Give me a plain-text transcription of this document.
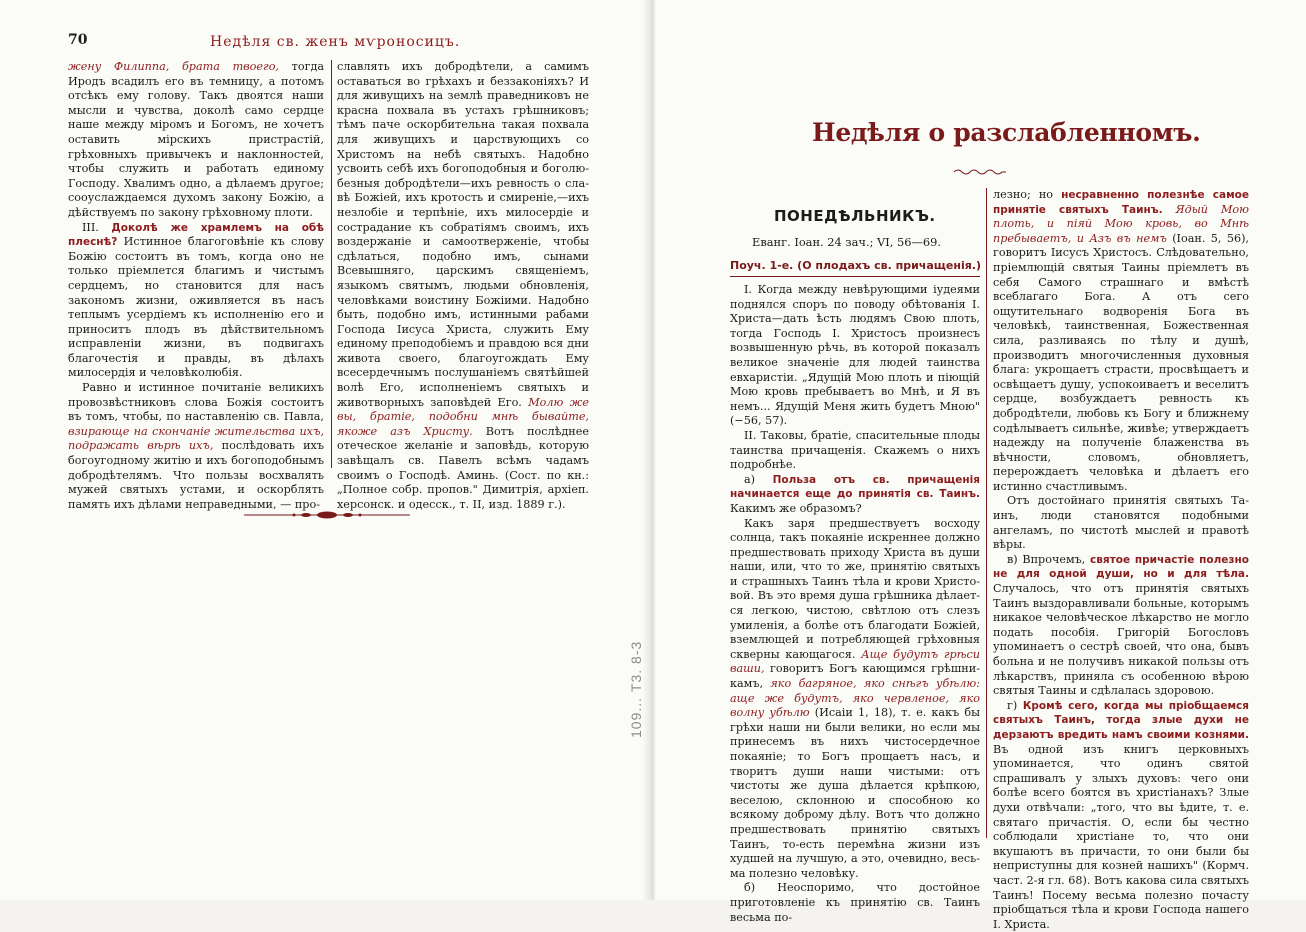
70	Недѣля св. женъ мѵроносицъ.

жену Филиппа, брата твоего, тогда Иродъ всадилъ его въ темницу, а потомъ отсѣкъ ему голову. Такъ двоятся наши мысли и чувства, доколѣ само сердце наше между міромъ и Богомъ, не хочетъ оставить мірскихъ пристрастій, грѣховныхъ привычекъ и наклонностей, чтобы служить и работать единому Господу. Хвалимъ одно, а дѣлаемъ другое; сооуслаждаемся духомъ закону Божію, а дѣйствуемъ по закону грѣховному плоти.

III. Доколѣ же храмлемъ на обѣ плеснѣ? Истинное благоговѣніе къ слову Божію состоитъ въ томъ, когда оно не только пріемлется благимъ и чистымъ сердцемъ, но становится для насъ закономъ жизни, оживляется въ насъ теплымъ усердіемъ къ исполненію его и приноситъ плодъ въ дѣйствительномъ исправленіи жизни, въ подвигахъ благочестія и правды, въ дѣлахъ милосердія и человѣколюбія.

Равно и истинное почитаніе великихъ провозвѣстниковъ слова Божія состоитъ въ томъ, чтобы, по наставленію св. Павла, взирающе на скончаніе жительства ихъ, подражать вѣрѣ ихъ, послѣдовать ихъ богоугодному житію и ихъ богоподобнымъ добродѣтелямъ. Что пользы восхвалять мужей святыхъ устами, и оскорблять память ихъ дѣлами неправедными, — про-

славлять ихъ добродѣтели, а самимъ оставаться во грѣхахъ и беззаконіяхъ? И для живущихъ на землѣ праведниковъ не красна похвала въ устахъ грѣшниковъ; тѣмъ паче оскорбительна такая похвала для живущихъ и царствующихъ со Христомъ на небѣ святыхъ. Надобно усвоить себѣ ихъ богоподобныя и боголюбезныя добродѣтели—ихъ ревность о славѣ Божіей, ихъ кротость и смиреніе,—ихъ незлобіе и терпѣніе, ихъ милосердіе и сострадание къ собратіямъ своимъ, ихъ воздержаніе и самоотверженіе, чтобы сдѣлаться, подобно имъ, сынами Всевышняго, царскимъ священіемъ, языкомъ святымъ, людьми обновленія, человѣками воистину Божіими. Надобно быть, подобно имъ, истинными рабами Господа Іисуса Христа, служить Ему единому преподобіемъ и правдою вся дни живота своего, благоугождать Ему всесердечнымъ послушаніемъ святѣйшей волѣ Его, исполненіемъ святыхъ и животворныхъ заповѣдей Его. Молю же вы, братіе, подобни мнѣ бывайте, якоже азъ Христу. Вотъ послѣднее отеческое желаніе и заповѣдь, которую завѣщалъ св. Павелъ всѣмъ чадамъ своимъ о Господѣ. Аминь. (Сост. по кн.: „Полное собр. пропов." Димитрія, архіеп. херсонск. и одесск., т. II, изд. 1889 г.).

109... Т3. 8-3
Недѣля о разслабленномъ.
ПОНЕДѢЛЬНИКЪ.
Еванг. Іоан. 24 зач.; VI, 56—69.
Поуч. 1-е. (О плодахъ св. причащенія.)

I. Когда между невѣрующими іудеями поднялся споръ по поводу обѣтованія І. Христа—дать ѣсть людямъ Свою плоть, тогда Господь І. Христосъ произнесъ возвышенную рѣчь, въ которой показалъ великое значеніе для людей таинства евхаристіи. „Ядущій Мою плоть и піющій Мою кровь пребываетъ во Мнѣ, и Я въ немъ... Ядущій Меня жить будетъ Мною" (−56, 57).

II. Таковы, братіе, спасительные плоды таинства причащенія. Скажемъ о нихъ подробнѣе.

а) Польза отъ св. причащенія начинается еще до принятія св. Таинъ. Какимъ же образомъ?

Какъ заря предшествуетъ восходу солнца, такъ покаяніе искреннее должно предшествовать приходу Христа въ души наши, или, что то же, принятію святыхъ и страшныхъ Таинъ тѣла и крови Христовой. Въ это время душа грѣшника дѣлается легкою, чистою, свѣтлою отъ слезъ умиленія, а болѣе отъ благодати Божіей, вземлющей и потребляющей грѣховныя скверны кающагося. Аще будутъ грѣси ваши, говоритъ Богъ кающимся грѣшникамъ, яко багряное, яко снѣгъ убѣлю: аще же будутъ, яко червленое, яко волну убѣлю (Исаіи 1, 18), т. е. какъ бы грѣхи наши ни были велики, но если мы принесемъ въ нихъ чистосердечное покаяніе; то Богъ прощаетъ насъ, и творитъ души наши чистыми: отъ чистоты же душа дѣлается крѣпкою, веселою, склонною и способною ко всякому доброму дѣлу. Вотъ что должно предшествовать принятію святыхъ Таинъ, то-есть перемѣна жизни изъ худшей на лучшую, а это, очевидно, весьма полезно человѣку.

б) Неоспоримо, что достойное приготовленіе къ принятію св. Таинъ весьма по-

лезно; но несравненно полезнѣе самое принятіе святыхъ Таинъ. Ядый Мою плоть, и піяй Мою кровь, во Мнѣ пребываетъ, и Азъ въ немъ (Іоан. 5, 56), говоритъ Іисусъ Христосъ. Слѣдовательно, пріемлющій святыя Таины пріемлетъ въ себя Самого страшнаго и вмѣстѣ всеблагаго Бога. А отъ сего ощутительнаго водворенія Бога въ человѣкѣ, таинственная, Божественная сила, разливаясь по тѣлу и душѣ, производитъ многочисленныя духовныя блага: укрощаетъ страсти, просвѣщаетъ и освѣщаетъ душу, успокоиваетъ и веселитъ сердце, возбуждаетъ ревность къ добродѣтели, любовь къ Богу и ближнему содѣлываетъ сильнѣе, живѣе; утверждаетъ надежду на полученіе блаженства въ вѣчности, словомъ, обновляетъ, перерождаетъ человѣка и дѣлаетъ его истинно счастливымъ.

Отъ достойнаго принятія святыхъ Таинъ, люди становятся подобными ангеламъ, по чистотѣ мыслей и правотѣ вѣры.

в) Впрочемъ, святое причастіе полезно не для одной души, но и для тѣла. Случалось, что отъ принятія святыхъ Таинъ выздоравливали больные, которымъ никакое человѣческое лѣкарство не могло подать пособія. Григорій Богословъ упоминаетъ о сестрѣ своей, что она, бывъ больна и не получивъ никакой пользы отъ лѣкарствъ, приняла съ особенною вѣрою святыя Таины и сдѣлалась здоровою.

г) Кромѣ сего, когда мы пріобщаемся святыхъ Таинъ, тогда злые духи не дерзаютъ вредить намъ своими кознями. Въ одной изъ книгъ церковныхъ упоминается, что одинъ святой спрашивалъ у злыхъ духовъ: чего они болѣе всего боятся въ христіанахъ? Злые духи отвѣчали: „того, что вы ѣдите, т. е. святаго причастія. О, если бы честно соблюдали христіане то, что они вкушаютъ въ причасти, то они были бы неприступны для козней нашихъ" (Кормч. част. 2-я гл. 68). Вотъ какова сила святыхъ Таинъ! Посему весьма полезно почасту пріобщаться тѣла и крови Господа нашего І. Христа.
